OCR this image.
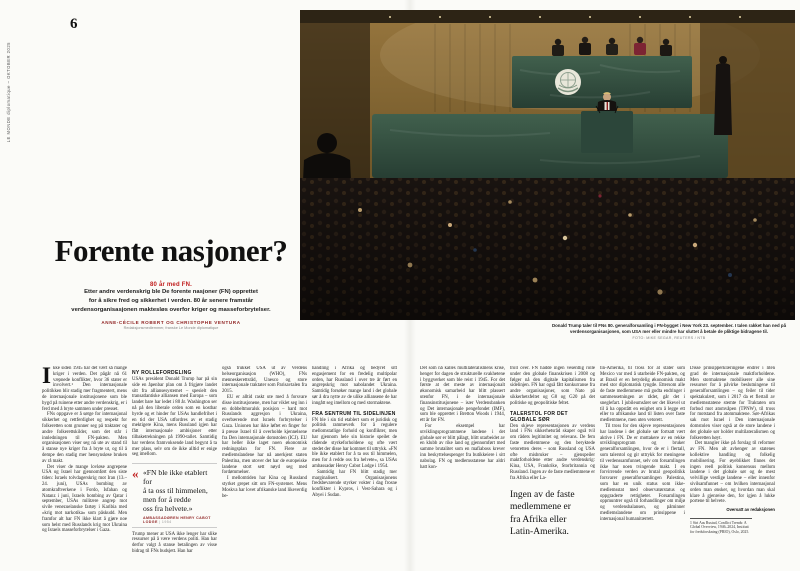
6
LE MONDE diplomatique – OKTOBER 2025
Donald Trump taler til FNs 80. generalforsamling i FN-bygget i New York 23. september. I talen rakket han ned på verdensorganisasjonen, som USA mer eller mindre har sluttet å betale de pliktige bidragene til.
FOTO: MIKE SEGAR, REUTERS / NTB
Forente nasjoner?
80 år med FN.
Etter andre verdenskrig ble De forente nasjoner (FN) opprettet
for å sikre fred og sikkerhet i verden. 80 år senere framstår
verdensorganisasjonen maktesløs overfor kriger og masseforbrytelser.
ANNE-CÉCILE ROBERT OG CHRISTOPHE VENTURA
Redaksjonsmedlemmer, franske Le Monde diplomatique

Ikke siden 1945 har det vært så mange kriger i verden. Det pågår nå 61 væpnede konflikter, hvor 36 stater er involvert.¹ Den internasjonale politikken blir stadig mer fragmentert, mens de internasjonale institusjonene som ble bygd på ruinene etter andre verdenskrig, er i ferd med å bryte sammen under presset.

FNs oppgave er å sørge for internasjonal sikkerhet og rettferdighet og respekt for folkeretten som grunner seg på traktater og andre folkerettskilder, som det står i innledningen til FN-pakten. Men organisasjonen viser seg nå ute av stand til å stanse nye kriger fra å bryte ut, og til å dempe den stadig mer hensynsløse bruken av rå makt.

Det viser de mange lovløse angrepene USA og Israel har gjennomført den siste tiden: Israels tolvdagerskrig mot Iran (13.–24. juni), USAs bombing av atomkraftverkene i Fordo, Isfahan og Natanz i juni, Israels bombing av Qatar i september, USAs militære angrep mot sivile venezuelanske fartøy i Karibia med «krig mot narkotika» som påskudd. Men framfor alt har FN ikke klart å gjøre noe som helst med Russlands krig mot Ukraina og Israels masseforbrytelser i Gaza.

NY ROLLEFORDELING

USAs president Donald Trump har på sin side en åpenbar plan om å frigjøre landet sitt fra alliansesystemet – spesielt den transatlantiske alliansen med Europa – som landet bare har ledet i 80 år. Washington ser nå på den liberale orden som en kostbar byrde og et hinder for USAs handlefrihet i en tid der USA utfordres av et stadig mektigere Kina, mens Russland igjen har fått internasjonale ambisjoner etter tilbaketrekningen på 1990-tallet. Samtidig har verdens framvoksende land begynt å ta mer plass, selv om de ikke alltid er enige seg imellom.

« «FN ble ikke etablert for
å ta oss til himmelen,
men for å redde
oss fra helvete.»
AMBASSADØREN HENRY CABOT LODGE | 1954

Trump mener at USA ikke lenger har slike ressurser på å være verdens politi. Han har derfor valgt å stanse betalingen av visse bidrag til FNs budsjett. Han har

også trukket USA ut av Verdens helseorganisasjon (WHO), FNs menneskerettsråd, Unesco og store internasjonale traktater som Parisavtalen fra 2015.

EU er alltid raskt ute med å forsvare disse institusjonene, men har viklet seg inn i en dobbeltmoralsk posisjon – hard mot Russlands aggresjon i Ukraina, overbærende mot Israels forbrytelser i Gaza. Unionen har ikke løftet en finger for å presse Israel til å overholde kjennelsene fra Den internasjonale domstolen (ICJ). EU har heller ikke laget noen økonomisk redningsplan for FN. Flere av medlemslandene har nå anerkjent staten Palestina, men utover det har de europeiske landene stort sett nøyd seg med fordømmelser.

I mellomtiden har Kina og Russland styrket grepet sitt om FN-systemet. Mens Moskva har lovet afrikanske land likeverdig be-

handling i Afrika og bedyret sitt engasjement for en fredelig multipolar orden, har Russland i over tre år ført en angrepskrig mot nabolandet Ukraina. Samtidig forsøker mange land i det globale sør å dra nytte av de ulike alliansene de har inngått seg imellom og med stormaktene.

FRA SENTRUM TIL SIDELINJEN

FN ble i sin tid etablert som et juridisk og politisk rammeverk for å regulere mellomstatlige forhold og konflikter, men har gjennom hele sin historie speilet de rådende styrkeforholdene og ofte vært stedet der disse har kommet til uttrykk. «FN ble ikke etablert for å ta oss til himmelen, men for å redde oss fra helvete», sa USAs ambassadør Henry Cabot Lodge i 1954.

Samtidig har FN blitt stadig mer marginalisert. Organisasjonens fredsbevarende styrker vokter i dag frosne konflikter i Kypros, i Vest-Sahara og i Abyei i Sudan.

Det som nå kalles multilateralismens krise, henger for dagen de strukturelle svakhetene i byggverket som ble reist i 1945. For det første at det meste av internasjonalt økonomisk samarbeid har blitt plassert utenfor FN, i de internasjonale finansinstitusjonene – især Verdensbanken og Det internasjonale pengefondet (IMF), som ble opprettet i Bretton Woods i 1944, ett år før FN.

For eksempel har utviklingsprogrammene landene i det globale sør er blitt pålagt, blitt utarbeidet av en klubb av rike land og gjennomført med samme brutalitet som en mafiaboss krever inn beskyttelsespenger fra butikkeiere i sitt nabolag. FN og medlemsstatene har aldri hatt kon-

troll over. FN hadde ingen vesentlig rolle under den globale finanskrisen i 2008 og følger nå den digitale kapitalismen fra sidelinjen. FN har også fått konkurranse fra andre organisasjoner, som Nato på sikkerhetsfeltet og G8 og G20 på det politiske og geopolitiske feltet.

TALERSTOL FOR DET GLOBALE SØR

Den skjeve representasjonen av verdens land i FNs sikkerhetsråd skaper også tvil om rådets legitimitet og relevans. De fem faste medlemmene og den beryktede vetoretten deres – som Russland og USA ofte misbruker – gjenspeiler maktforholdene etter andre verdenskrig: Kina, USA, Frankrike, Storbritannia og Russland. Ingen av de faste medlemmene er fra Afrika eller La-

Ingen av de faste
medlemmene er
fra Afrika eller
Latin-Amerika.

tin-Amerika, til tross for at stater som Mexico var med å utarbeide FN-pakten, og at Brasil er en betydelig økonomisk makt med stor diplomatisk tyngde. Ettersom alle de faste medlemmene må godta endringer i sammensetningen av rådet, går det i sneglefart. I jubileumsåret ser det likevel ut til å ha oppstått en enighet om å legge ett eller to afrikanske land til listen over faste medlemmene, men uten vetorett.

Til tross for den skjeve representasjonen har landene i det globale sør fortsatt vært aktive i FN. De er mottakere av en rekke utviklingsprogram og bruker generalforsamlingen, hvor de er i flertall, som talerstol og gir uttrykk for meningene til verdenssamfunnet, selv om forsamlingen ikke har noen tvingende makt. I en forvirrende verden av brutal geopolitikk forsvarer generalforsamlingen Palestina, som har en unik status som ikke-medlemsstat med observatørstatus og oppgraderte rettigheter. Forsamlingen oppmuntrer også til forhandlinger om miljø og verdensbalansen, og påminner medlemslandene om prinsippene i internasjonal humanitærrett.

Disse prinsipperklæringene endrer i liten grad de internasjonale maktforholdene. Men stormaktene mobiliserer alle sine ressurser for å påvirke beslutningene til generalforsamlingen – og feiler til tider spektakulært, som i 2017 da et flertall av medlemsstatene stemte for Traktaten om forbud mot atomvåpen (TPNW), til tross for motstand fra atommaktene. Sør-Afrikas sak mot Israel i Den internasjonale domstolen viser også at de store landene i det globale sør holder multilateralismen og folkeretten høyt.

Det mangler ikke på forslag til reformer av FN. Men alt avhenger av statenes kollektive handling og folkelig mobilisering. For øyeblikket finnes det ingen reell politisk konsensus mellom landene i det globale sør og de mest velvillige vestlige landene – eller innenfor sivilsamfunnet – om hvilken internasjonal orden man ønsker, og hvordan man skal klare å gjenreise den, for igjen å lukke portene til helvete.

Oversatt av redaksjonen
1 Siri Aas Rustad, Conflict Trends: A Global Overview, 1946–2024, Institutt for fredsforskning (PRIO), Oslo, 2025.
